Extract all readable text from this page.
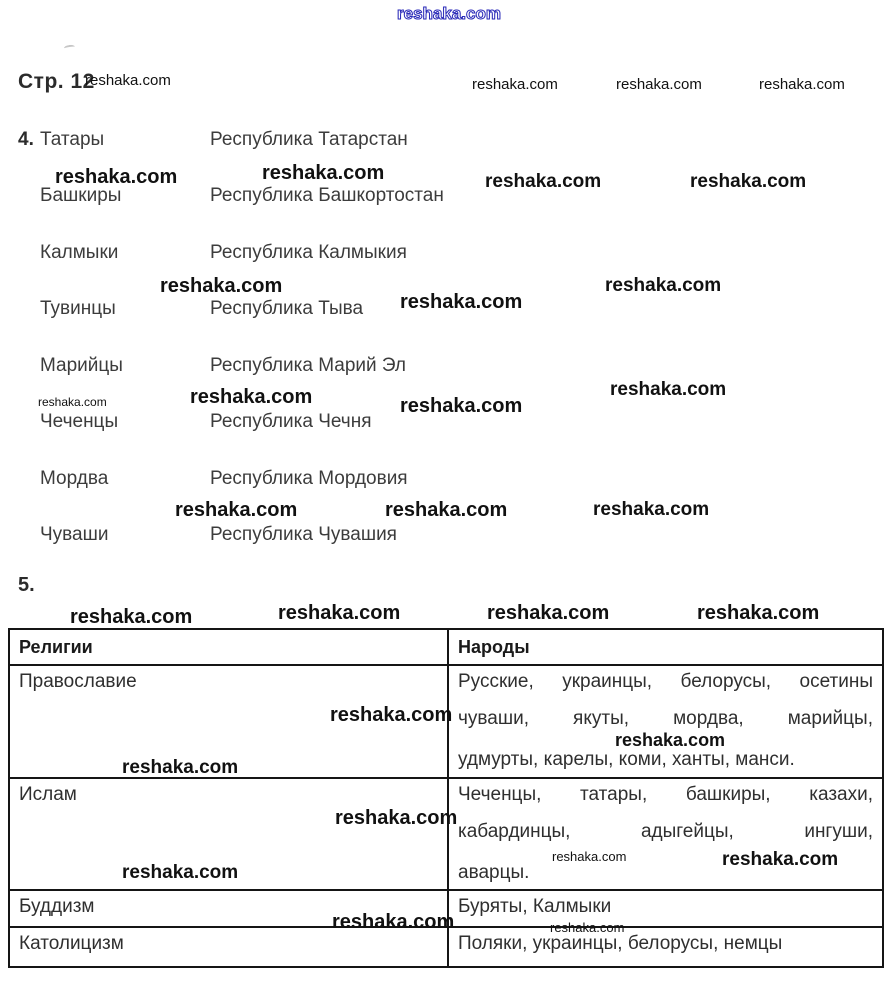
reshaka.com
Стр. 12
reshaka.com	reshaka.com	reshaka.com	reshaka.com
4. Татары	Республика Татарстан
Башкиры	Республика Башкортостан
Калмыки	Республика Калмыкия
Тувинцы	Республика Тыва
Марийцы	Республика Марий Эл
Чеченцы	Республика Чечня
Мордва	Республика Мордовия
Чуваши	Республика Чувашия
reshaka.com	reshaka.com	reshaka.com	reshaka.com
reshaka.com	reshaka.com
reshaka.com
reshaka.com	reshaka.com	reshaka.com
reshaka.com
reshaka.com	reshaka.com	reshaka.com
5.
reshaka.com	reshaka.com	reshaka.com	reshaka.com
Религии	Народы
Православие	Русские, украинцы, белорусы, осетины
чуваши, якуты, мордва, марийцы,
удмурты, карелы, коми, ханты, манси.
Ислам	Чеченцы, татары, башкиры, казахи,
кабардинцы, адыгейцы, ингуши,
аварцы.
Буддизм	Буряты, Калмыки
Католицизм	Поляки, украинцы, белорусы, немцы
reshaka.com
reshaka.com
reshaka.com
reshaka.com
reshaka.com	reshaka.com
reshaka.com
reshaka.com	reshaka.com
